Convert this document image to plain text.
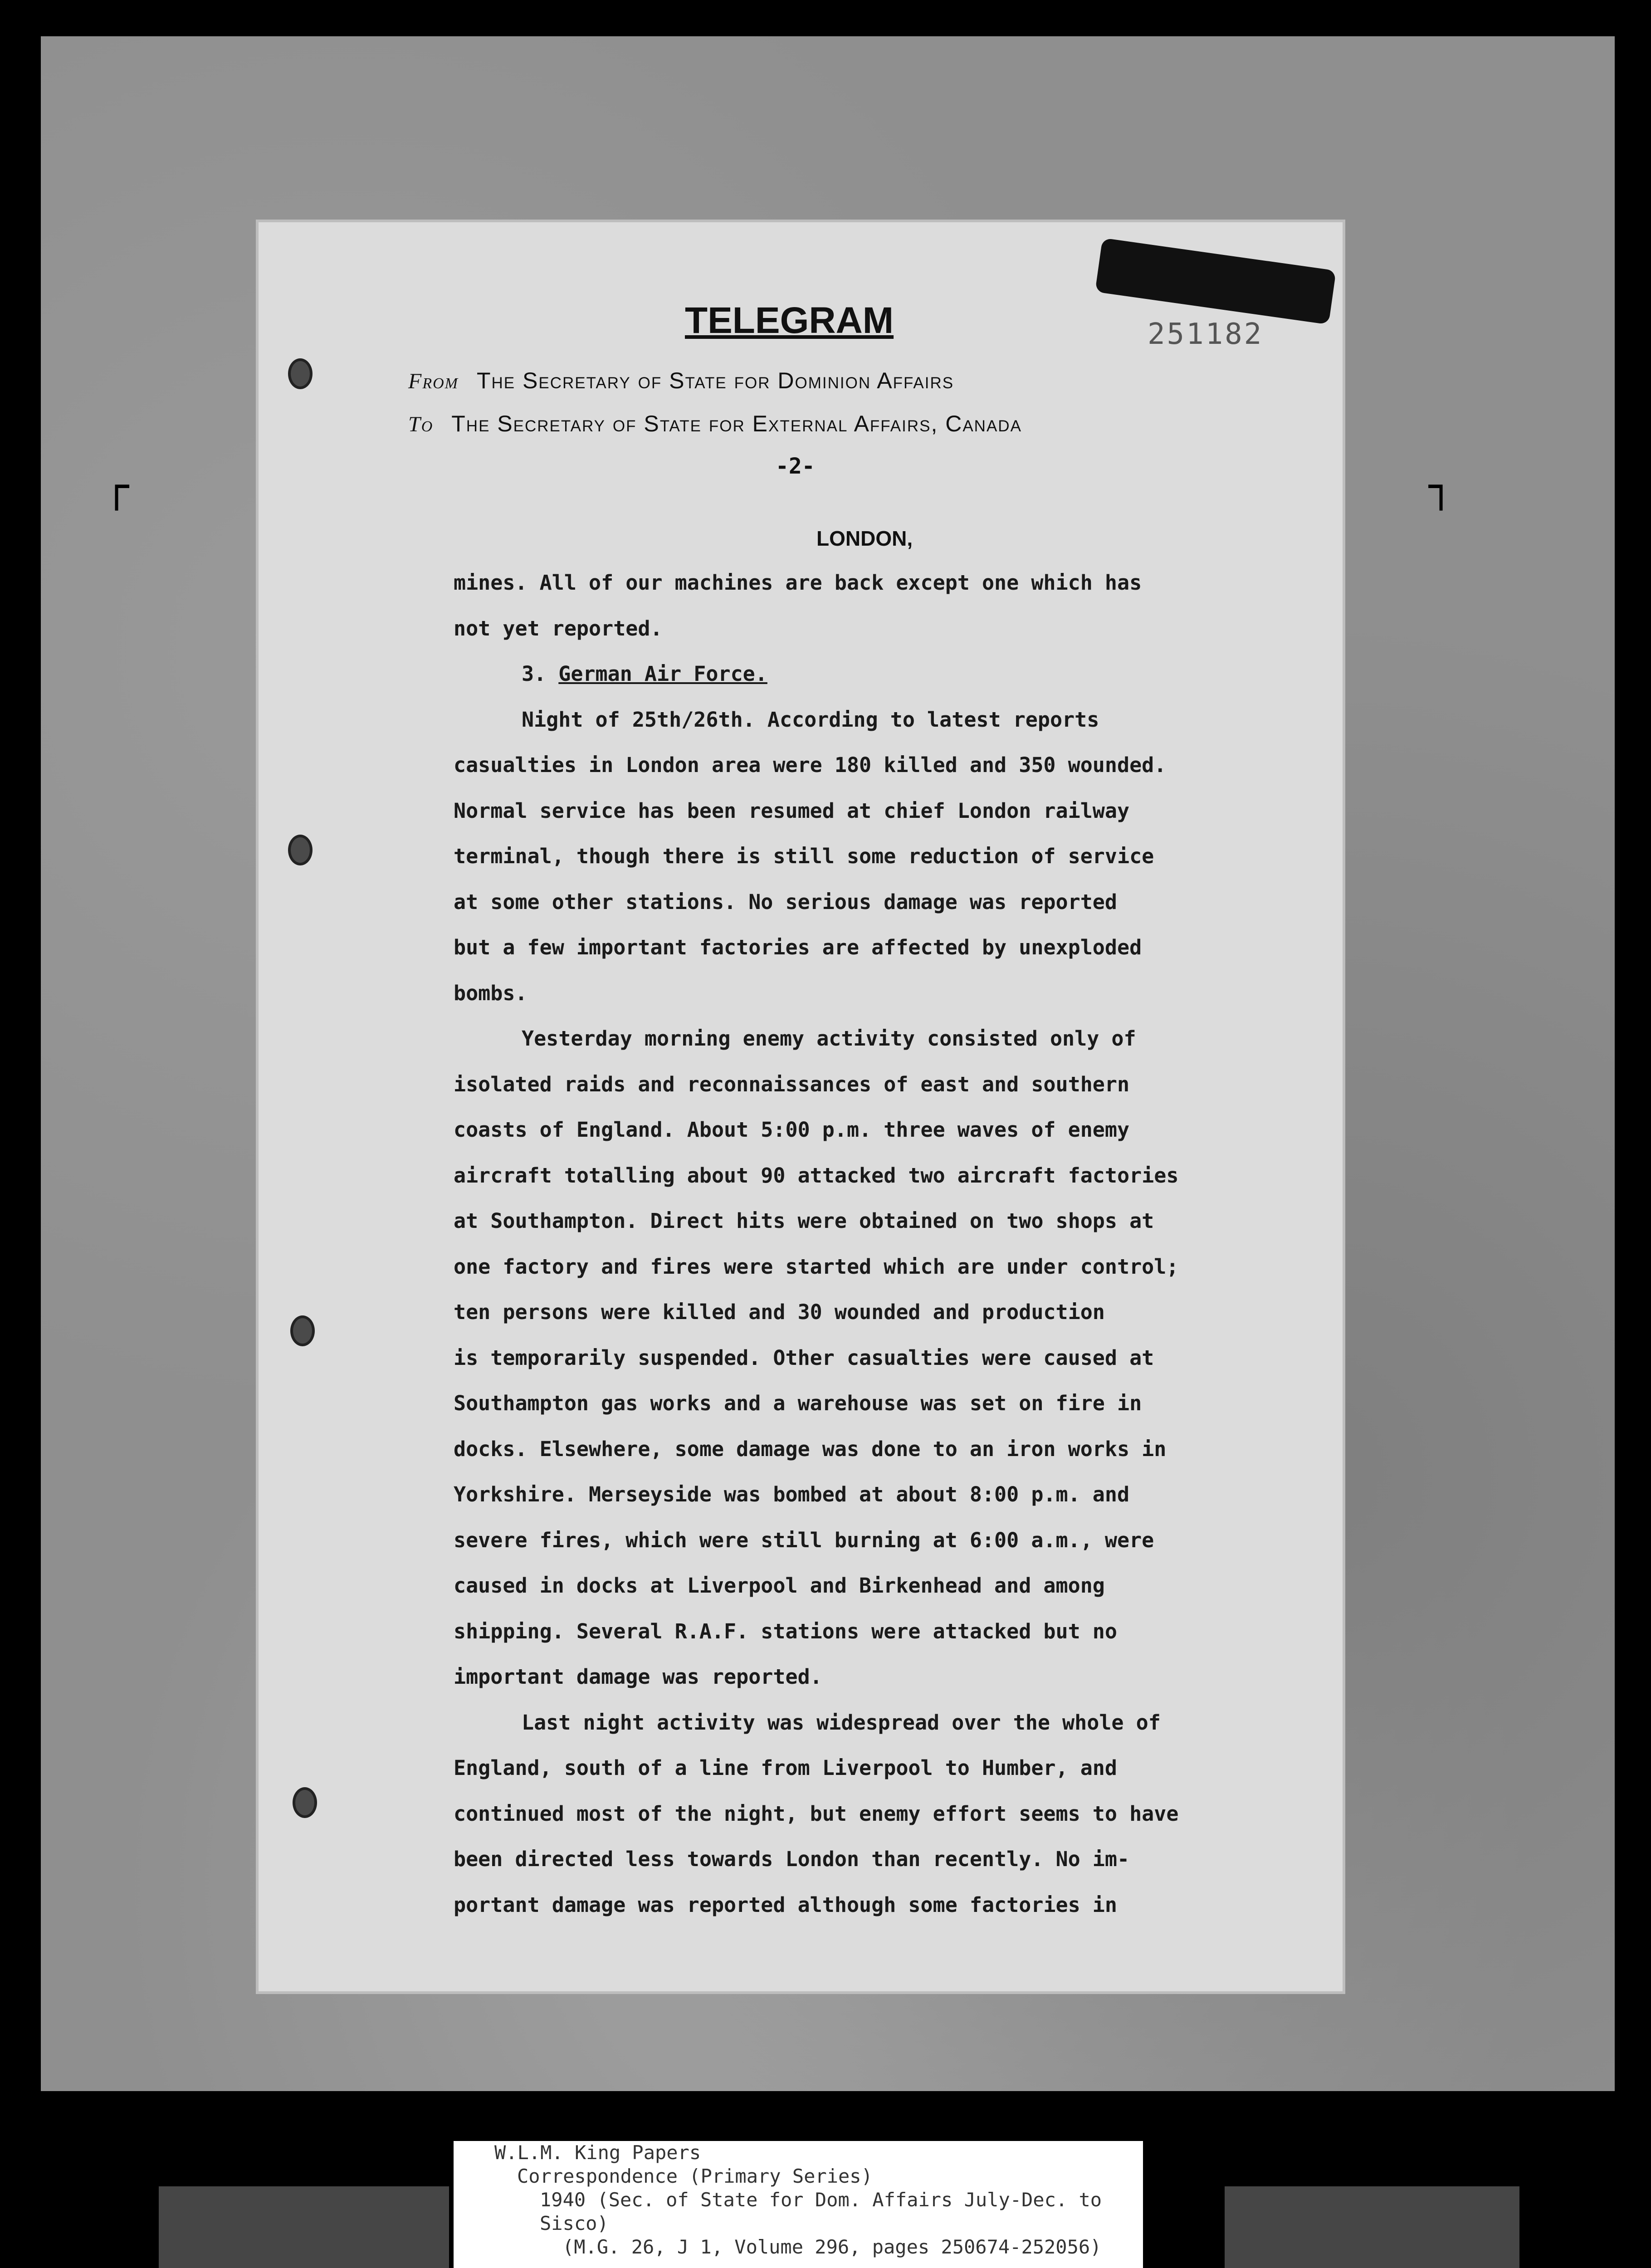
┌	┐
└	┘
251182
TELEGRAM
From The Secretary of State for Dominion Affairs
To The Secretary of State for External Affairs, Canada
-2-
LONDON,
mines. All of our machines are back except one which has
not yet reported.
3. German Air Force.
Night of 25th/26th. According to latest reports
casualties in London area were 180 killed and 350 wounded.
Normal service has been resumed at chief London railway
terminal, though there is still some reduction of service
at some other stations. No serious damage was reported
but a few important factories are affected by unexploded
bombs.
Yesterday morning enemy activity consisted only of
isolated raids and reconnaissances of east and southern
coasts of England. About 5:00 p.m. three waves of enemy
aircraft totalling about 90 attacked two aircraft factories
at Southampton. Direct hits were obtained on two shops at
one factory and fires were started which are under control;
ten persons were killed and 30 wounded and production
is temporarily suspended. Other casualties were caused at
Southampton gas works and a warehouse was set on fire in
docks. Elsewhere, some damage was done to an iron works in
Yorkshire. Merseyside was bombed at about 8:00 p.m. and
severe fires, which were still burning at 6:00 a.m., were
caused in docks at Liverpool and Birkenhead and among
shipping. Several R.A.F. stations were attacked but no
important damage was reported.
Last night activity was widespread over the whole of
England, south of a line from Liverpool to Humber, and
continued most of the night, but enemy effort seems to have
been directed less towards London than recently. No im-
portant damage was reported although some factories in
W.L.M. King Papers
Correspondence (Primary Series)
1940 (Sec. of State for Dom. Affairs July-Dec. to
Sisco)
(M.G. 26, J 1, Volume 296, pages 250674-252056)
